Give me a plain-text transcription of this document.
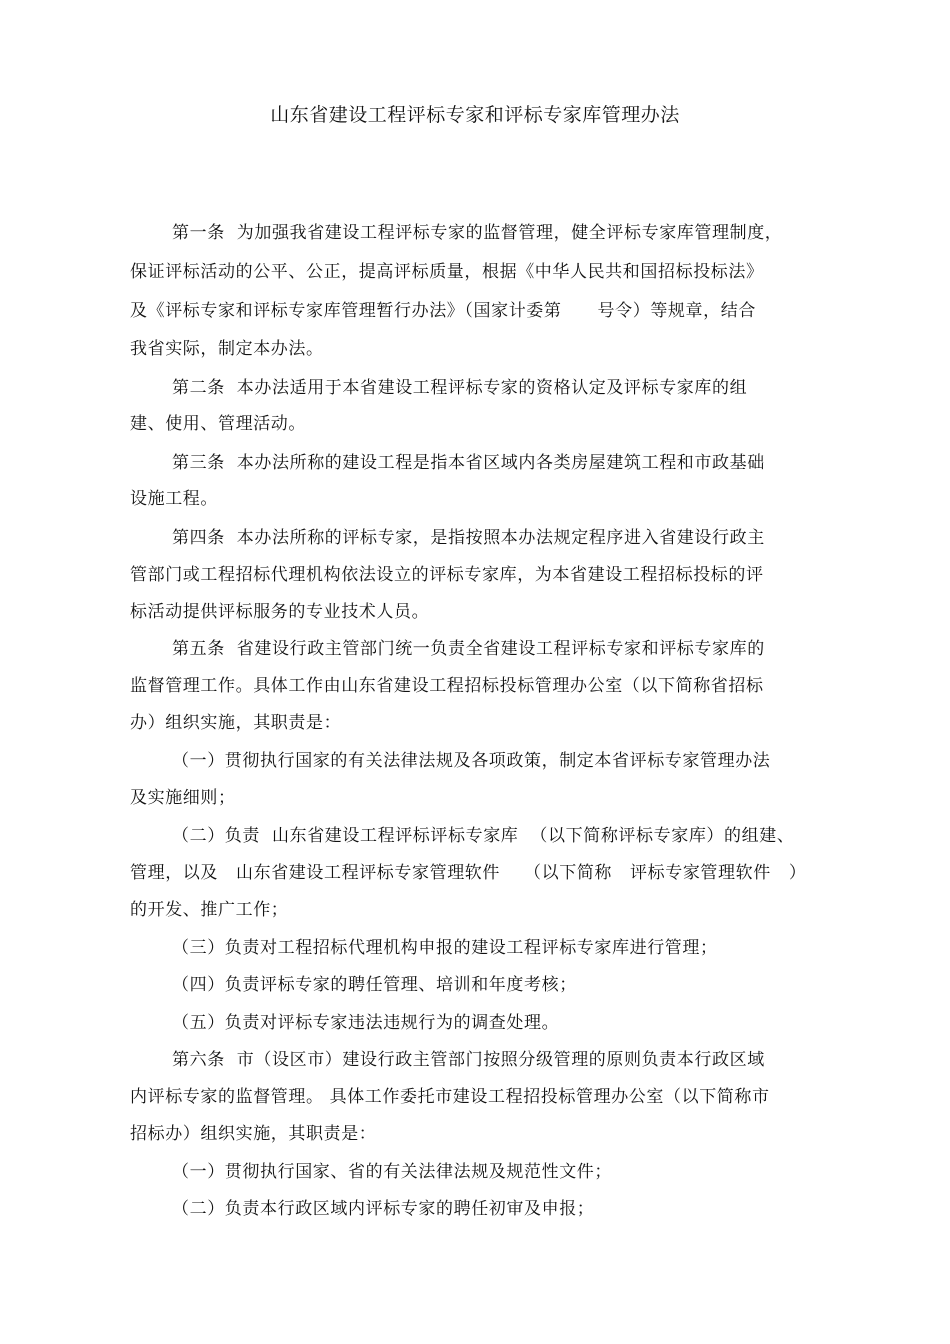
山东省建设工程评标专家和评标专家库管理办法

第一条  为加强我省建设工程评标专家的监督管理，健全评标专家库管理制度，

保证评标活动的公平、公正，提高评标质量，根据《中华人民共和国招标投标法》

及《评标专家和评标专家库管理暂行办法》（国家计委第      号令）等规章，结合

我省实际，制定本办法。

第二条  本办法适用于本省建设工程评标专家的资格认定及评标专家库的组

建、使用、管理活动。

第三条  本办法所称的建设工程是指本省区域内各类房屋建筑工程和市政基础

设施工程。

第四条  本办法所称的评标专家，是指按照本办法规定程序进入省建设行政主

管部门或工程招标代理机构依法设立的评标专家库，为本省建设工程招标投标的评

标活动提供评标服务的专业技术人员。

第五条  省建设行政主管部门统一负责全省建设工程评标专家和评标专家库的

监督管理工作。具体工作由山东省建设工程招标投标管理办公室（以下简称省招标

办）组织实施，其职责是：

（一）贯彻执行国家的有关法律法规及各项政策，制定本省评标专家管理办法

及实施细则；

（二）负责  山东省建设工程评标评标专家库  （以下简称评标专家库）的组建、

管理，以及   山东省建设工程评标专家管理软件    （以下简称   评标专家管理软件   ）

的开发、推广工作；

（三）负责对工程招标代理机构申报的建设工程评标专家库进行管理；

（四）负责评标专家的聘任管理、培训和年度考核；

（五）负责对评标专家违法违规行为的调查处理。

第六条  市（设区市）建设行政主管部门按照分级管理的原则负责本行政区域

内评标专家的监督管理。 具体工作委托市建设工程招投标管理办公室（以下简称市

招标办）组织实施，其职责是：

（一）贯彻执行国家、省的有关法律法规及规范性文件；

（二）负责本行政区域内评标专家的聘任初审及申报；
